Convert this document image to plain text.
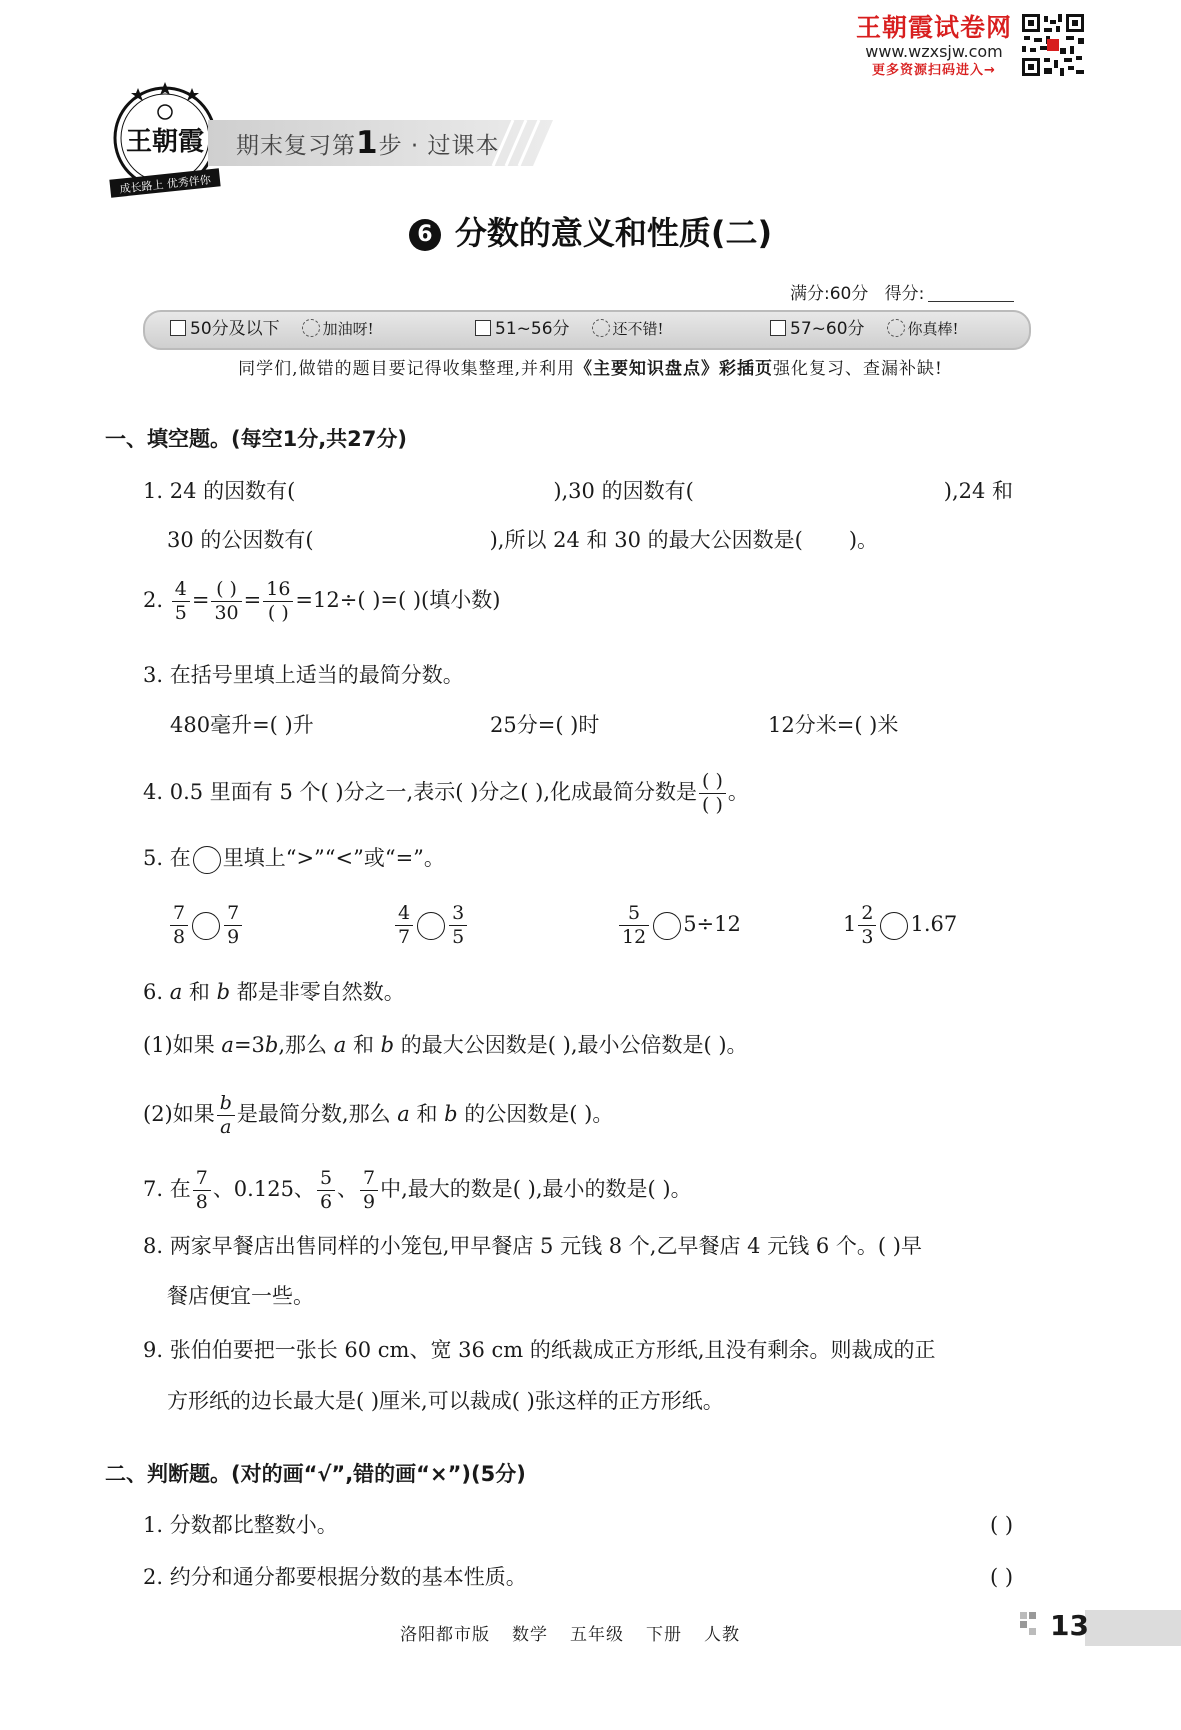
王朝霞试卷网
www.wzxsjw.com
更多资源扫码进入→
王朝霞
成长路上 优秀伴你
期末复习第1步 · 过课本
6 分数的意义和性质(二)
满分:60分 得分:
50分及以下	加油呀!	51~56分	还不错!	57~60分	你真棒!
同学们,做错的题目要记得收集整理,并利用《主要知识盘点》彩插页强化复习、查漏补缺!
一、填空题。(每空1分,共27分)
1. 24 的因数有(	),30 的因数有(	),24 和
30 的公因数有(	),所以 24 和 30 的最大公因数是( )。
2. $\frac{4}{5} = \frac{( )}{30} = \frac{16}{( )} =12\div$( )=( )(填小数)
3. 在括号里填上适当的最简分数。
480毫升=( )升	25分=( )时	12分米=( )米
4. 0.5 里面有 5 个( )分之一,表示( )分之( ),化成最简分数是 $\frac{( )}{( )}$ 。
5. 在 里填上“>”“<”或“=”。
$\frac{7}{8} \frac{7}{9}$	$\frac{4}{7} \frac{3}{5}$	$\frac{5}{12} 5\div 12$	$1 \frac{2}{3} 1.67$
6. a 和 b 都是非零自然数。
(1)如果 a=3b,那么 a 和 b 的最大公因数是( ),最小公倍数是( )。
(2)如果 $\frac{b}{a}$ 是最简分数,那么 a 和 b 的公因数是( )。
7. 在 $\frac{7}{8}$ 、0.125、 $\frac{5}{6}$ 、 $\frac{7}{9}$ 中,最大的数是( ),最小的数是( )。
8. 两家早餐店出售同样的小笼包,甲早餐店 5 元钱 8 个,乙早餐店 4 元钱 6 个。( )早
餐店便宜一些。
9. 张伯伯要把一张长 60 cm、宽 36 cm 的纸裁成正方形纸,且没有剩余。则裁成的正
方形纸的边长最大是( )厘米,可以裁成( )张这样的正方形纸。
二、判断题。(对的画“√”,错的画“×”)(5分)
1. 分数都比整数小。	( )
2. 约分和通分都要根据分数的基本性质。	( )
洛阳都市版 数学 五年级 下册 人教	13
